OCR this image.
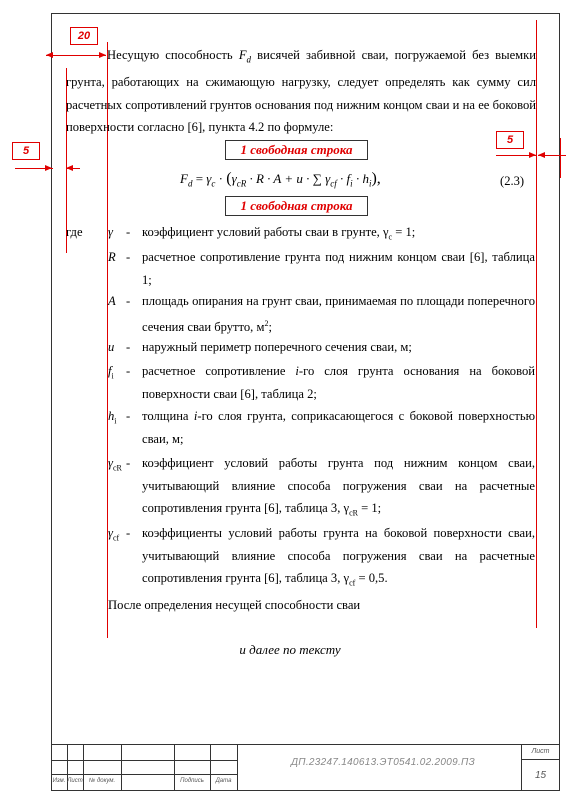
20
5
5
Несущую способность $F_d$ висячей забивной сваи, погружаемой без выемки грунта, работающих на сжимающую нагрузку, следует определять как сумму сил расчетных сопротивлений грунтов основания под нижним концом сваи и на ее боковой поверхности согласно [6], пункта 4.2 по формуле:
1 свободная строка
$F_d = \gamma_c \cdot (\gamma_{cR} \cdot R \cdot A + u$ · ∑ $\gamma_{cf} \cdot f_i \cdot h_i$),	(2.3)
1 свободная строка
где γ - коэффициент условий работы сваи в грунте, $\gamma_c = 1$;
R - расчетное сопротивление грунта под нижним концом сваи [6], таблица 1;
A - площадь опирания на грунт сваи, принимаемая по площади поперечного сечения сваи брутто, $м^2$;
u - наружный периметр поперечного сечения сваи, м;
$f_i$ - расчетное сопротивление i-го слоя грунта основания на боковой поверхности сваи [6], таблица 2;
$h_i$ - толщина i-го слоя грунта, соприкасающегося с боковой поверхностью сваи, м;
$\gamma_{cR}$ - коэффициент условий работы грунта под нижним концом сваи, учитывающий влияние способа погружения сваи на расчетные сопротивления грунта [6], таблица 3, $\gamma_{cR} = 1$;
$\gamma_{cf}$ - коэффициенты условий работы грунта на боковой поверхности сваи, учитывающий влияние способа погружения сваи на расчетные сопротивления грунта [6], таблица 3, $\gamma_{cf} = 0,5$.
После определения несущей способности сваи
и далее по тексту
Изм. Лист	№ докум.	Подпись	Дата
Лист
15
ДП.23247.140613.ЭТ0541.02.2009.ПЗ
